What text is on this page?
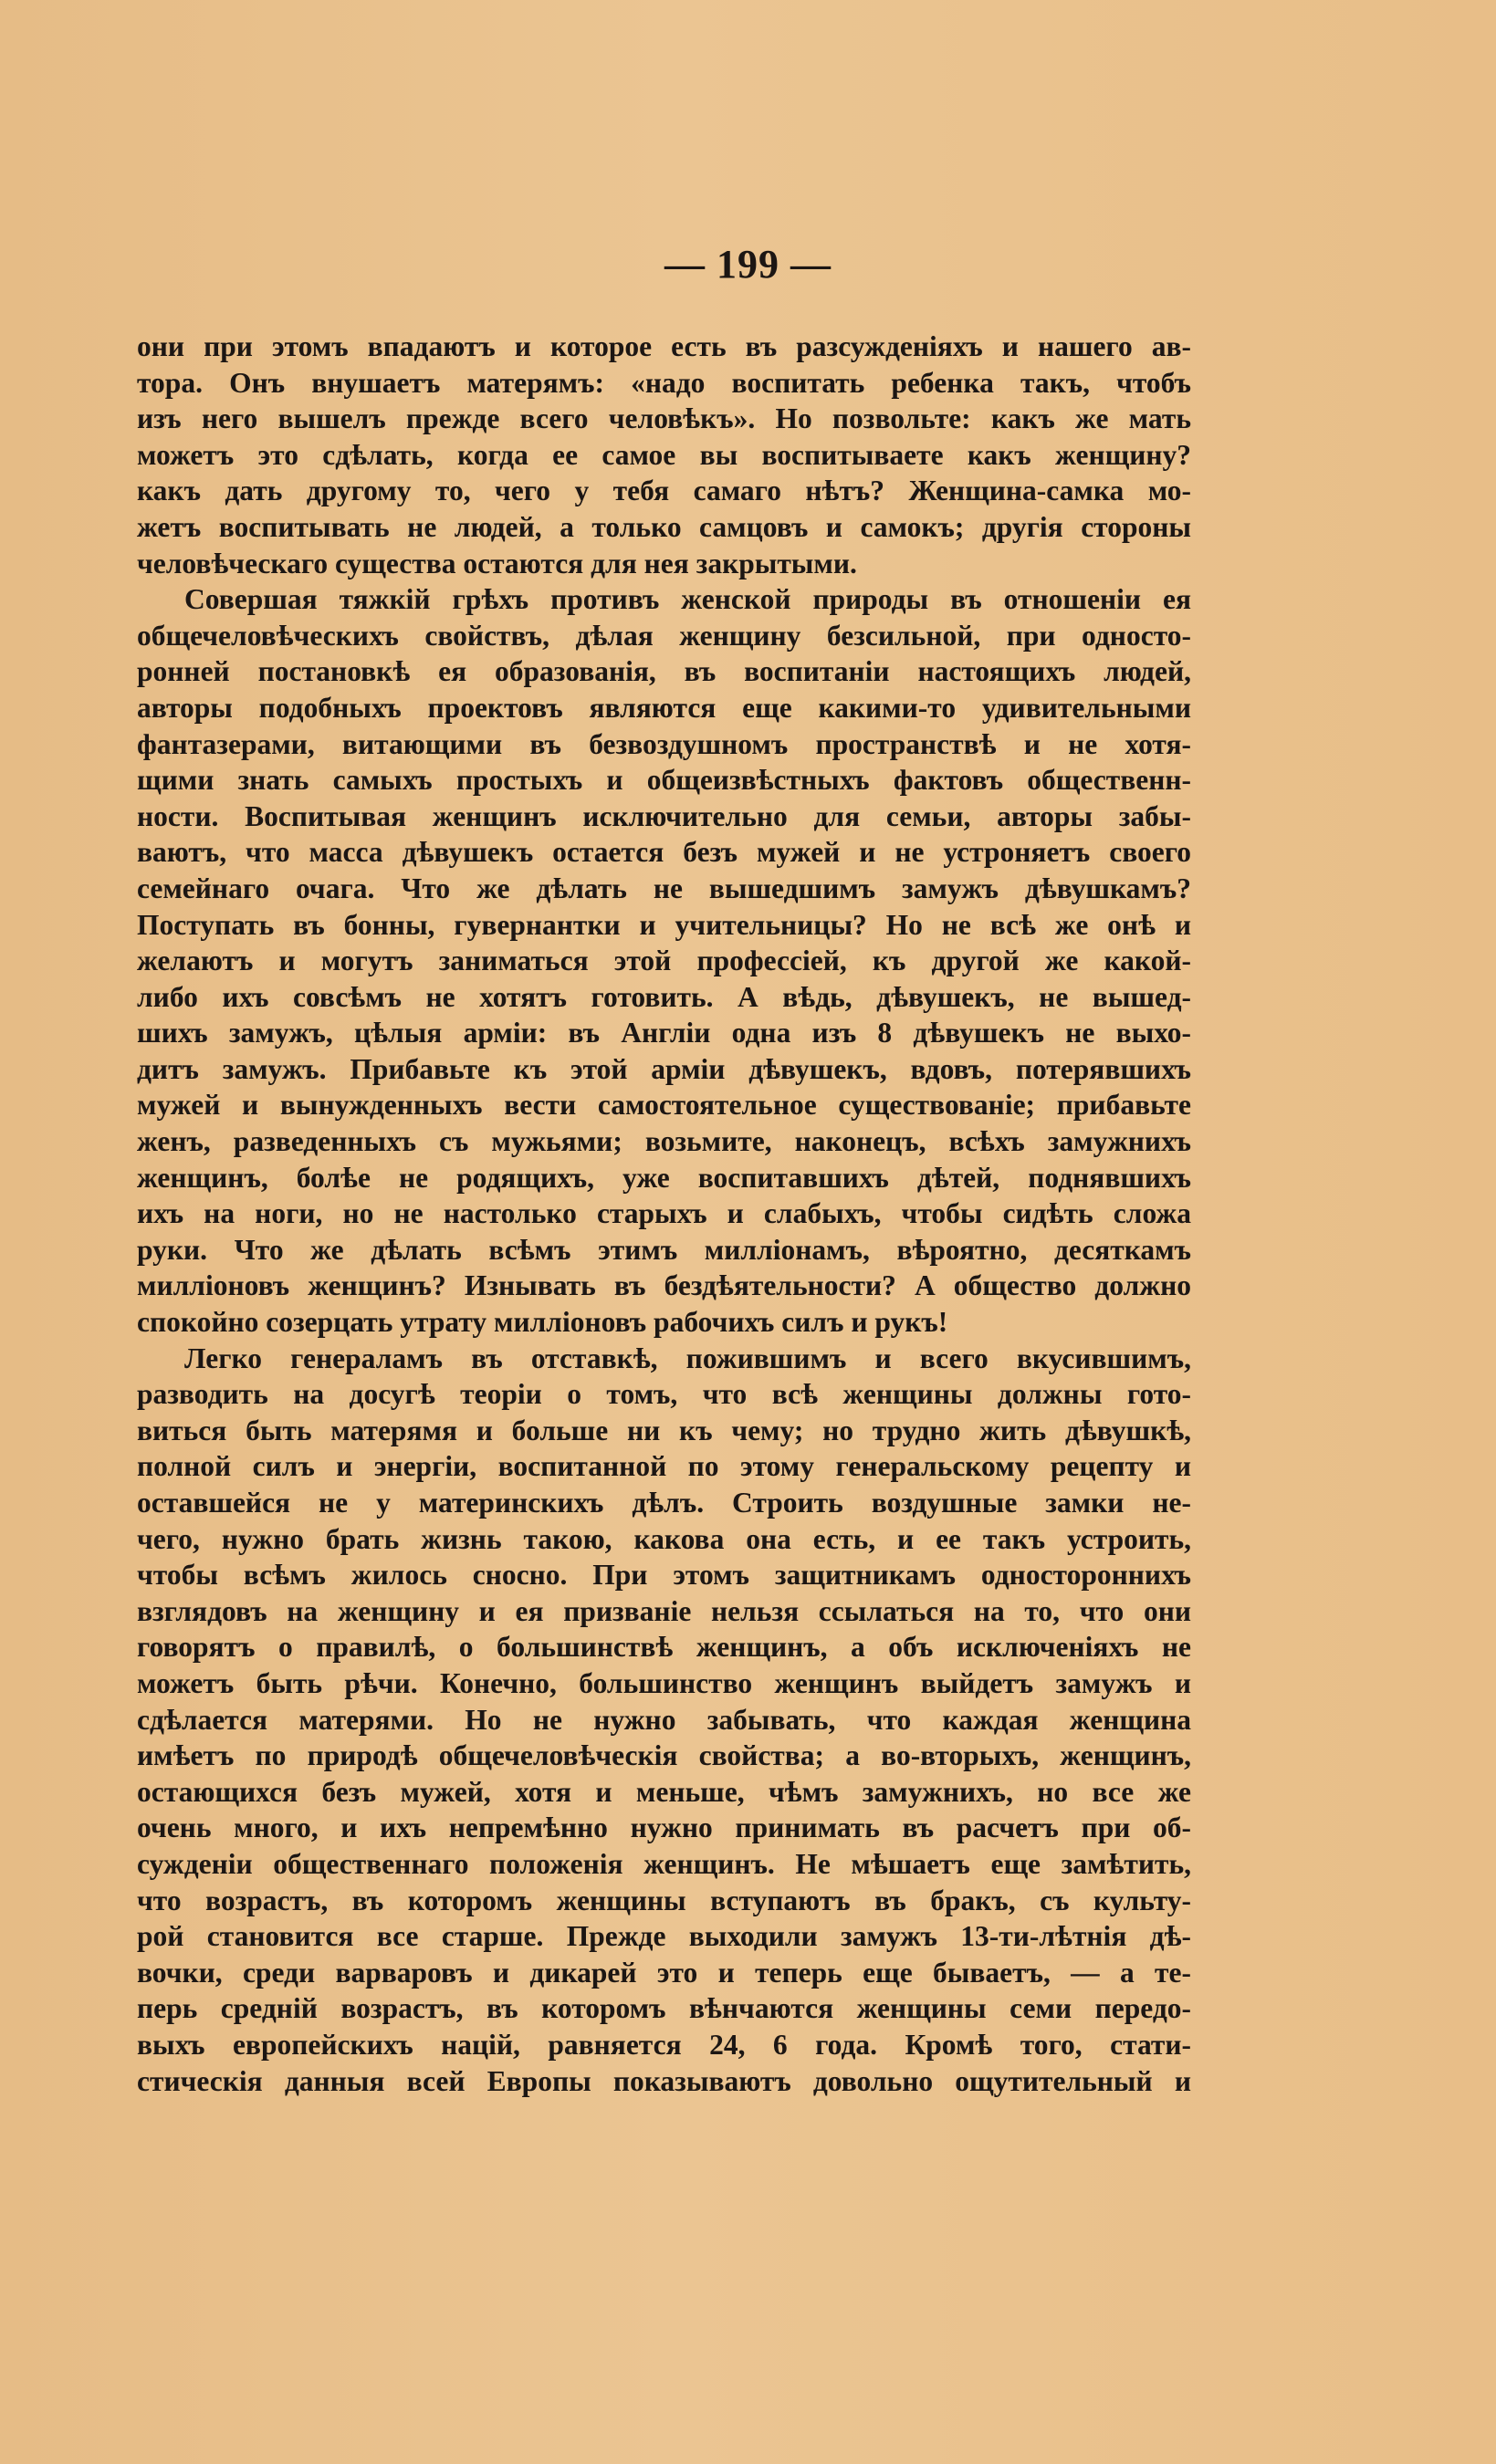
— 199 —
они при этомъ впадаютъ и которое есть въ разсужденіяхъ и нашего ав-
тора. Онъ внушаетъ матерямъ: «надо воспитать ребенка такъ, чтобъ
изъ него вышелъ прежде всего человѣкъ». Но позвольте: какъ же мать
можетъ это сдѣлать, когда ее самое вы воспитываете какъ женщину?
какъ дать другому то, чего у тебя самаго нѣтъ? Женщина-самка мо-
жетъ воспитывать не людей, а только самцовъ и самокъ; другія стороны
человѣческаго существа остаются для нея закрытыми.
Совершая тяжкій грѣхъ противъ женской природы въ отношеніи ея
общечеловѣческихъ свойствъ, дѣлая женщину безсильной, при односто-
ронней постановкѣ ея образованія, въ воспитаніи настоящихъ людей,
авторы подобныхъ проектовъ являются еще какими-то удивительными
фантазерами, витающими въ безвоздушномъ пространствѣ и не хотя-
щими знать самыхъ простыхъ и общеизвѣстныхъ фактовъ общественн-
ности. Воспитывая женщинъ исключительно для семьи, авторы забы-
ваютъ, что масса дѣвушекъ остается безъ мужей и не устроняетъ своего
семейнаго очага. Что же дѣлать не вышедшимъ замужъ дѣвушкамъ?
Поступать въ бонны, гувернантки и учительницы? Но не всѣ же онѣ и
желаютъ и могутъ заниматься этой профессіей, къ другой же какой-
либо ихъ совсѣмъ не хотятъ готовить. А вѣдь, дѣвушекъ, не вышед-
шихъ замужъ, цѣлыя арміи: въ Англіи одна изъ 8 дѣвушекъ не выхо-
дитъ замужъ. Прибавьте къ этой арміи дѣвушекъ, вдовъ, потерявшихъ
мужей и вынужденныхъ вести самостоятельное существованіе; прибавьте
женъ, разведенныхъ съ мужьями; возьмите, наконецъ, всѣхъ замужнихъ
женщинъ, болѣе не родящихъ, уже воспитавшихъ дѣтей, поднявшихъ
ихъ на ноги, но не настолько старыхъ и слабыхъ, чтобы сидѣть сложа
руки. Что же дѣлать всѣмъ этимъ милліонамъ, вѣроятно, десяткамъ
милліоновъ женщинъ? Изнывать въ бездѣятельности? А общество должно
спокойно созерцать утрату милліоновъ рабочихъ силъ и рукъ!
Легко генераламъ въ отставкѣ, пожившимъ и всего вкусившимъ,
разводить на досугѣ теоріи о томъ, что всѣ женщины должны гото-
виться быть матерямя и больше ни къ чему; но трудно жить дѣвушкѣ,
полной силъ и энергіи, воспитанной по этому генеральскому рецепту и
оставшейся не у материнскихъ дѣлъ. Строить воздушные замки не-
чего, нужно брать жизнь такою, какова она есть, и ее такъ устроить,
чтобы всѣмъ жилось сносно. При этомъ защитникамъ одностороннихъ
взглядовъ на женщину и ея призваніе нельзя ссылаться на то, что они
говорятъ о правилѣ, о большинствѣ женщинъ, а объ исключеніяхъ не
можетъ быть рѣчи. Конечно, большинство женщинъ выйдетъ замужъ и
сдѣлается матерями. Но не нужно забывать, что каждая женщина
имѣетъ по природѣ общечеловѣческія свойства; а во-вторыхъ, женщинъ,
остающихся безъ мужей, хотя и меньше, чѣмъ замужнихъ, но все же
очень много, и ихъ непремѣнно нужно принимать въ расчетъ при об-
сужденіи общественнаго положенія женщинъ. Не мѣшаетъ еще замѣтить,
что возрастъ, въ которомъ женщины вступаютъ въ бракъ, съ культу-
рой становится все старше. Прежде выходили замужъ 13-ти-лѣтнія дѣ-
вочки, среди варваровъ и дикарей это и теперь еще бываетъ, — а те-
перь средній возрастъ, въ которомъ вѣнчаются женщины семи передо-
выхъ европейскихъ націй, равняется 24, 6 года. Кромѣ того, стати-
стическія данныя всей Европы показываютъ довольно ощутительный и
